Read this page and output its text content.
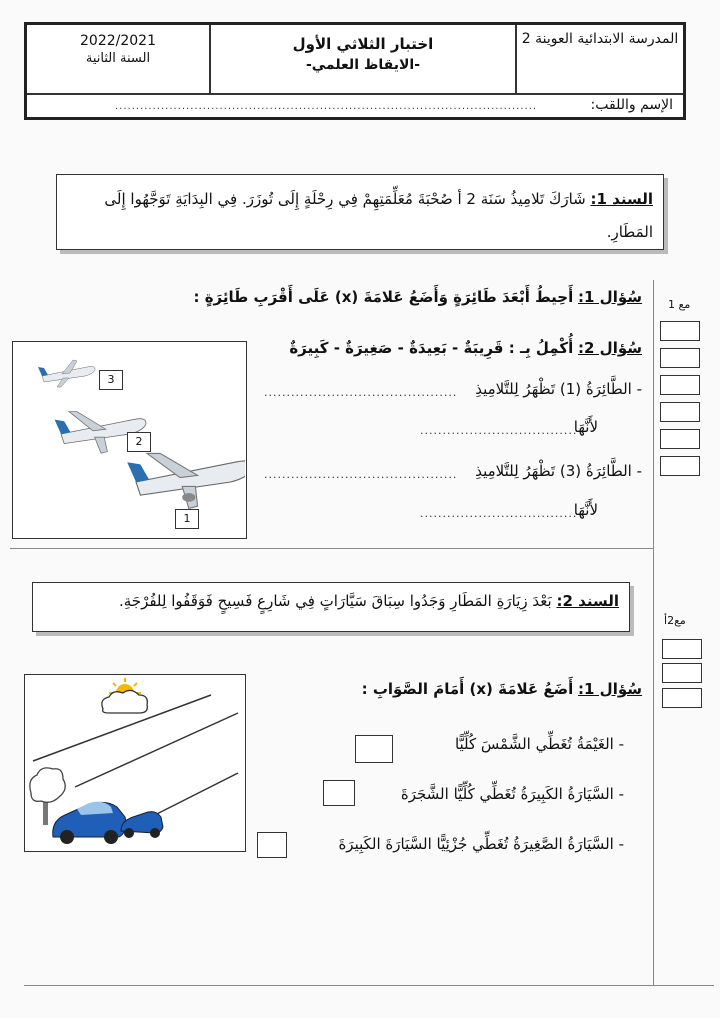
المدرسة الابتدائية العوينة 2
اختبار الثلاثي الأول
-الايقاظ العلمي-
2022/2021
السنة الثانية
الإسم واللقب:
.....................................................................................................
السند 1: شَارَكَ تَلامِيذُ سَنَة 2 أ صُحْبَةَ مُعَلِّمَتِهِمْ فِي رِحْلَةٍ إِلَى تُوزَرَ. فِي البِدَايَةِ تَوَجَّهُوا إِلَى المَطَارِ.
مع 1
سُؤال 1: أَحِيطُ أَبْعَدَ طَائِرَةٍ وَأَضَعُ عَلامَةَ (x) عَلَى أَقْرَبِ طَائِرَةٍ :
سُؤال 2: أُكْمِلُ بِـ : قَرِيبَةٌ - بَعِيدَةٌ - صَغِيرَةٌ - كَبِيرَةٌ
- الطَّائِرَةُ (1) تَظْهَرُ لِلتَّلامِيذِ
...........................................
لأَنَّهَا
...................................
- الطَّائِرَةُ (3) تَظْهَرُ لِلتَّلامِيذِ
...........................................
لأَنَّهَا
...................................
3
2
1
السند 2: بَعْدَ زِيَارَةِ المَطَارِ وَجَدُوا سِبَاقَ سَيَّارَاتٍ فِي شَارِعٍ فَسِيحٍ فَوَقَفُوا لِلفُرْجَةِ.
مع2أ
سُؤال 1: أَضَعُ عَلامَةَ (x) أَمَامَ الصَّوَابِ :
- الغَيْمَةُ تُغَطِّي الشَّمْسَ كُلِّيًّا
- السَّيَارَةُ الكَبِيرَةُ تُغَطِّي كُلِّيًّا الشَّجَرَةَ
- السَّيَارَةُ الصَّغِيرَةُ تُغَطِّي جُزْئِيًّا السَّيَارَةَ الكَبِيرَةَ
